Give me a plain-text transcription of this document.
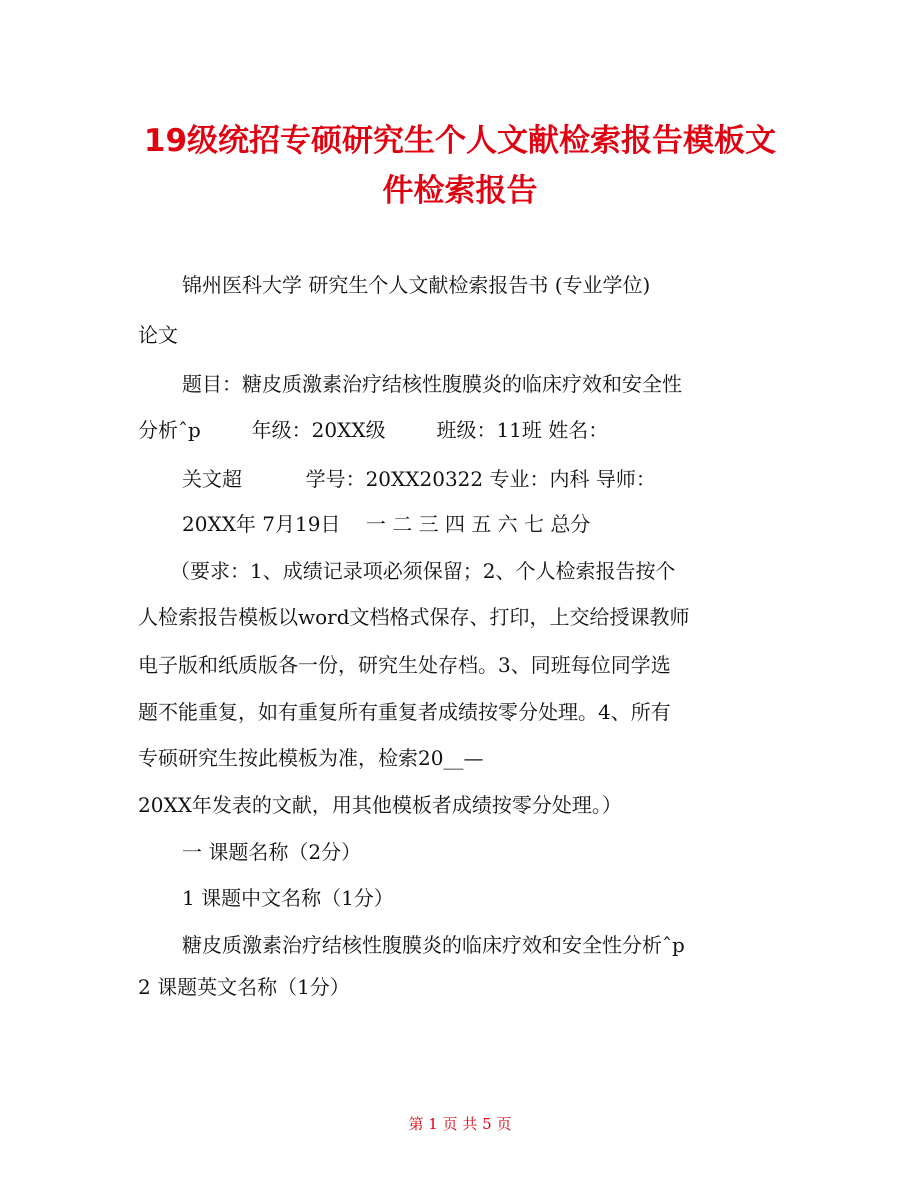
19级统招专硕研究生个人文献检索报告模板文
件检索报告
锦州医科大学 研究生个人文献检索报告书 (专业学位)
论文
题目：糖皮质激素治疗结核性腹膜炎的临床疗效和安全性
分析ˆp        年级：20XX级        班级：11班 姓名：
关文超          学号：20XX20322 专业：内科 导师：
20XX年 7月19日    一 二 三 四 五 六 七 总分
（要求：1、成绩记录项必须保留；2、个人检索报告按个
人检索报告模板以word文档格式保存、打印，上交给授课教师
电子版和纸质版各一份，研究生处存档。3、同班每位同学选
题不能重复，如有重复所有重复者成绩按零分处理。4、所有
专硕研究生按此模板为准，检索20__—
20XX年发表的文献，用其他模板者成绩按零分处理。）
一 课题名称（2分）
1 课题中文名称（1分）
糖皮质激素治疗结核性腹膜炎的临床疗效和安全性分析ˆp
2 课题英文名称（1分）
第 1 页 共 5 页
